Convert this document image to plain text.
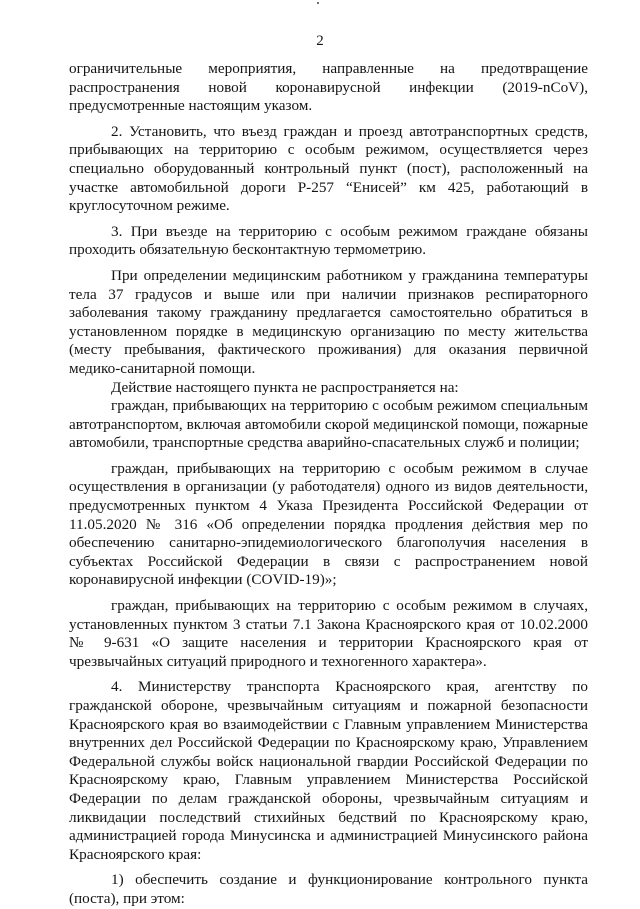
2

ограничительные мероприятия, направленные на предотвращение распространения новой коронавирусной инфекции (2019-nCoV), предусмотренные настоящим указом.

2. Установить, что въезд граждан и проезд автотранспортных средств, прибывающих на территорию с особым режимом, осуществляется через специально оборудованный контрольный пункт (пост), расположенный на участке автомобильной дороги Р-257 “Енисей” км 425, работающий в круглосуточном режиме.

3. При въезде на территорию с особым режимом граждане обязаны проходить обязательную бесконтактную термометрию.

При определении медицинским работником у гражданина температуры тела 37 градусов и выше или при наличии признаков респираторного заболевания такому гражданину предлагается самостоятельно обратиться в установленном порядке в медицинскую организацию по месту жительства (месту пребывания, фактического проживания) для оказания первичной медико-санитарной помощи.

Действие настоящего пункта не распространяется на:

граждан, прибывающих на территорию с особым режимом специальным автотранспортом, включая автомобили скорой медицинской помощи, пожарные автомобили, транспортные средства аварийно-спасательных служб и полиции;

граждан, прибывающих на территорию с особым режимом в случае осуществления в организации (у работодателя) одного из видов деятельности, предусмотренных пунктом 4 Указа Президента Российской Федерации от 11.05.2020 № 316 «Об определении порядка продления действия мер по обеспечению санитарно-эпидемиологического благополучия населения в субъектах Российской Федерации в связи с распространением новой коронавирусной инфекции (COVID-19)»;

граждан, прибывающих на территорию с особым режимом в случаях, установленных пунктом 3 статьи 7.1 Закона Красноярского края от 10.02.2000 № 9-631 «О защите населения и территории Красноярского края от чрезвычайных ситуаций природного и техногенного характера».

4. Министерству транспорта Красноярского края, агентству по гражданской обороне, чрезвычайным ситуациям и пожарной безопасности Красноярского края во взаимодействии с Главным управлением Министерства внутренних дел Российской Федерации по Красноярскому краю, Управлением Федеральной службы войск национальной гвардии Российской Федерации по Красноярскому краю, Главным управлением Министерства Российской Федерации по делам гражданской обороны, чрезвычайным ситуациям и ликвидации последствий стихийных бедствий по Красноярскому краю, администрацией города Минусинска и администрацией Минусинского района Красноярского края:

1) обеспечить создание и функционирование контрольного пункта (поста), при этом:
